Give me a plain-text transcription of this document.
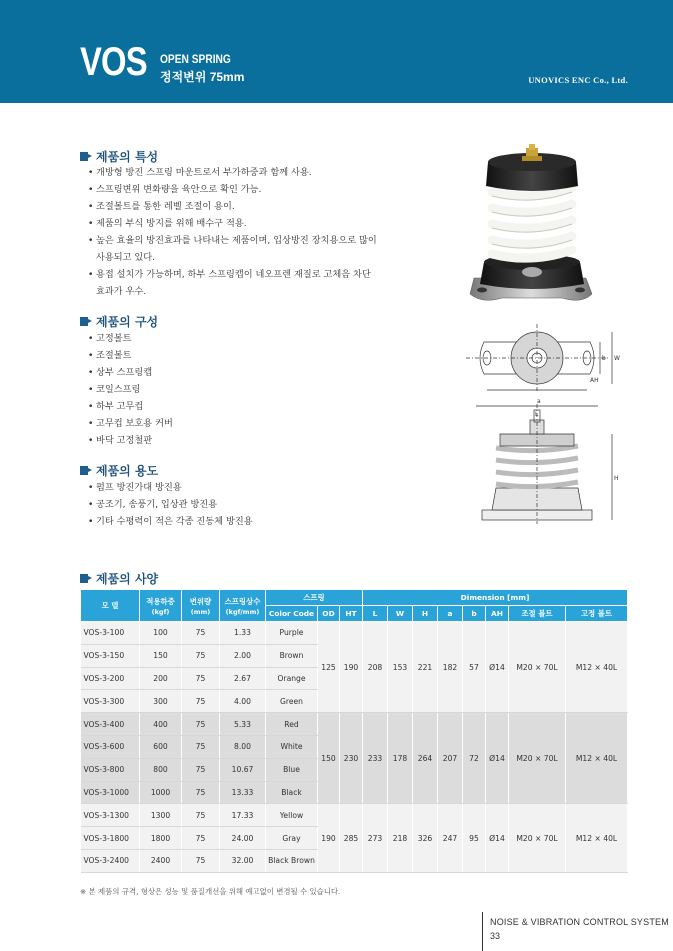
VOS OPEN SPRING
정적변위 75mm	UNOVICS ENC Co., Ltd.
제품의 특성
• 개방형 방진 스프링 마운트로서 부가하중과 함께 사용.
• 스프링변위 변화량을 육안으로 확인 가능.
• 조절볼트를 통한 레벨 조절이 용이.
• 제품의 부식 방지를 위해 배수구 적용.
• 높은 효율의 방진효과를 나타내는 제품이며, 입상방진 장치용으로 많이
사용되고 있다.
• 용접 설치가 가능하며, 하부 스프링캡이 네오프렌 재질로 고체음 차단
효과가 우수.
제품의 구성
• 고정볼트
• 조절볼트
• 상부 스프링캡
• 코일스프링
• 하부 고무컵
• 고무컵 보호용 커버
• 바닥 고정철판
제품의 용도
• 펌프 방진가대 방진용
• 공조기, 송풍기, 입상관 방진용
• 기타 수평력이 적은 각종 진동체 방진용
a
L
b W
AH
H
제품의 사양
모 델	적용하중
(kgf)	변위량
(mm)	스프링상수
(kgf/mm)	스프링			Dimension [mm]							
				Color Code	OD	HT	L	W	H	a	b	AH	조절 볼트	고정 볼트
VOS-3-100	100	75	1.33	Purple	125	190	208	153	221	182	57	Ø14	M20 × 70L	M12 × 40L
VOS-3-150	150	75	2.00	Brown										
VOS-3-200	200	75	2.67	Orange										
VOS-3-300	300	75	4.00	Green										
VOS-3-400	400	75	5.33	Red	150	230	233	178	264	207	72	Ø14	M20 × 70L	M12 × 40L
VOS-3-600	600	75	8.00	White										
VOS-3-800	800	75	10.67	Blue										
VOS-3-1000	1000	75	13.33	Black										
VOS-3-1300	1300	75	17.33	Yellow	190	285	273	218	326	247	95	Ø14	M20 × 70L	M12 × 40L
VOS-3-1800	1800	75	24.00	Gray										
VOS-3-2400	2400	75	32.00	Black Brown										
※ 본 제품의 규격, 형상은 성능 및 품질개선을 위해 예고없이 변경될 수 있습니다.
NOISE & VIBRATION CONTROL SYSTEM
33
